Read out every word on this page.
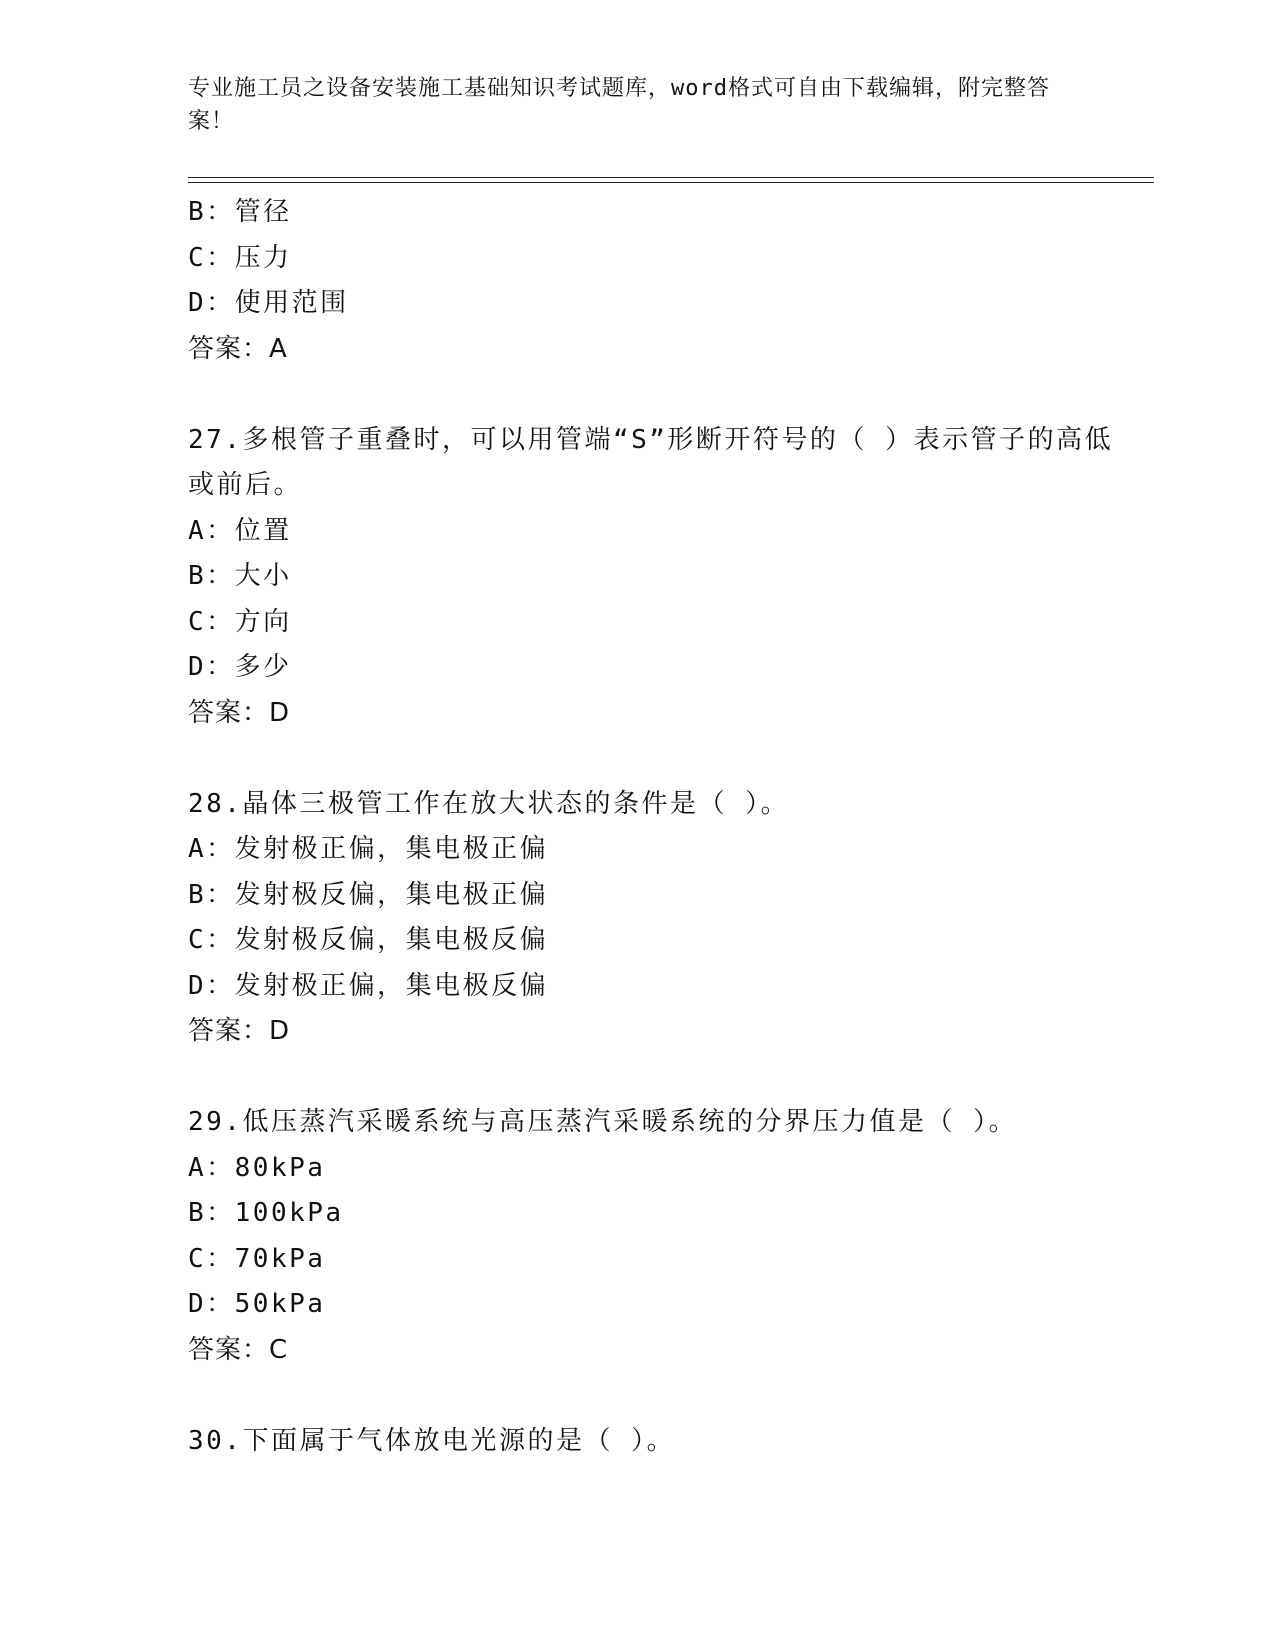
专业施工员之设备安装施工基础知识考试题库，word格式可自由下载编辑，附完整答案！
B：管径
C：压力
D：使用范围
答案：A
27.多根管子重叠时，可以用管端“S”形断开符号的（ ）表示管子的高低或前后。
A：位置
B：大小
C：方向
D：多少
答案：D
28.晶体三极管工作在放大状态的条件是（ ）。
A：发射极正偏，集电极正偏
B：发射极反偏，集电极正偏
C：发射极反偏，集电极反偏
D：发射极正偏，集电极反偏
答案：D
29.低压蒸汽采暖系统与高压蒸汽采暖系统的分界压力值是（ ）。
A：80kPa
B：100kPa
C：70kPa
D：50kPa
答案：C
30.下面属于气体放电光源的是（ ）。
